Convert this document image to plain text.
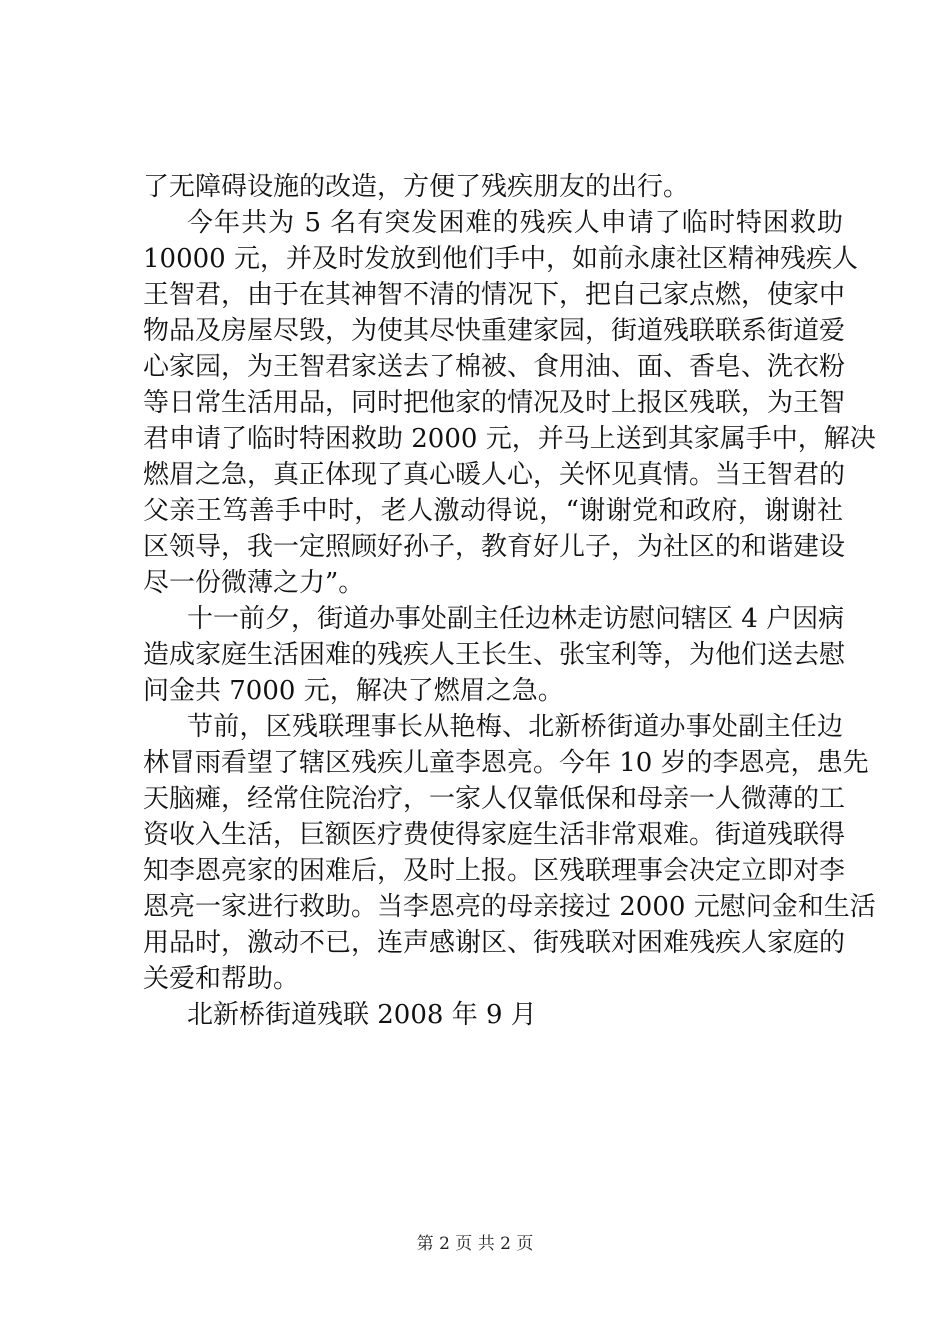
了无障碍设施的改造，方便了残疾朋友的出行。
今年共为 5 名有突发困难的残疾人申请了临时特困救助
10000 元，并及时发放到他们手中，如前永康社区精神残疾人
王智君，由于在其神智不清的情况下，把自己家点燃，使家中
物品及房屋尽毁，为使其尽快重建家园，街道残联联系街道爱
心家园，为王智君家送去了棉被、食用油、面、香皂、洗衣粉
等日常生活用品，同时把他家的情况及时上报区残联，为王智
君申请了临时特困救助 2000 元，并马上送到其家属手中，解决
燃眉之急，真正体现了真心暖人心，关怀见真情。当王智君的
父亲王笃善手中时，老人激动得说，“谢谢党和政府，谢谢社
区领导，我一定照顾好孙子，教育好儿子，为社区的和谐建设
尽一份微薄之力”。
十一前夕，街道办事处副主任边林走访慰问辖区 4 户因病
造成家庭生活困难的残疾人王长生、张宝利等，为他们送去慰
问金共 7000 元，解决了燃眉之急。
节前，区残联理事长从艳梅、北新桥街道办事处副主任边
林冒雨看望了辖区残疾儿童李恩亮。今年 10 岁的李恩亮，患先
天脑瘫，经常住院治疗，一家人仅靠低保和母亲一人微薄的工
资收入生活，巨额医疗费使得家庭生活非常艰难。街道残联得
知李恩亮家的困难后，及时上报。区残联理事会决定立即对李
恩亮一家进行救助。当李恩亮的母亲接过 2000 元慰问金和生活
用品时，激动不已，连声感谢区、街残联对困难残疾人家庭的
关爱和帮助。
北新桥街道残联 2008 年 9 月
第 2 页 共 2 页
